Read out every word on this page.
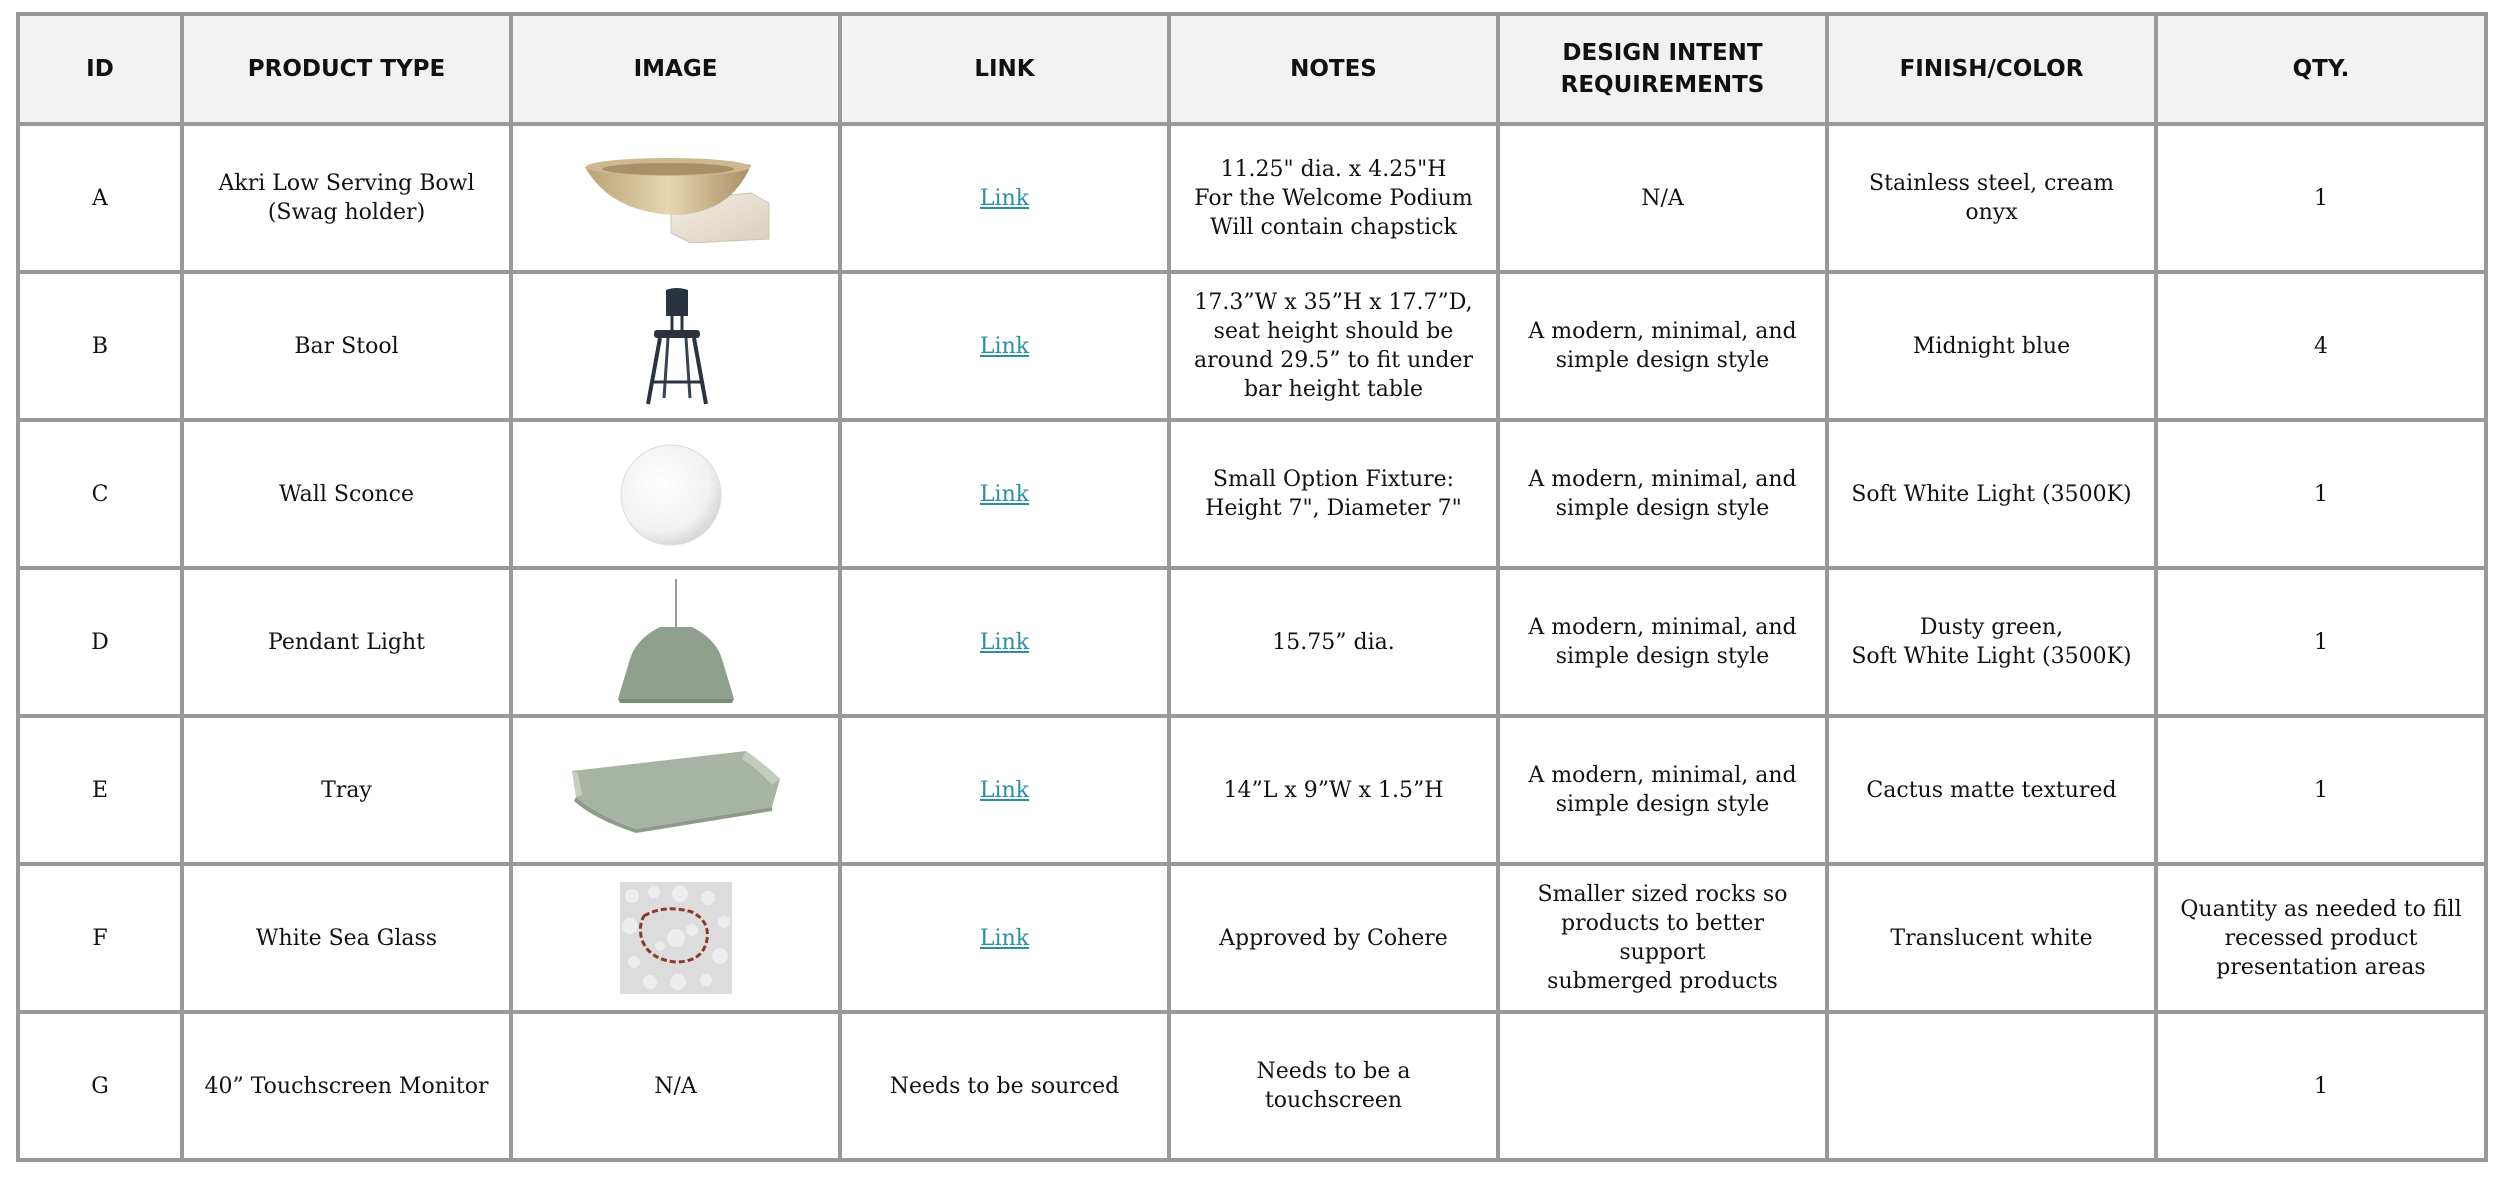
ID	PRODUCT TYPE	IMAGE	LINK	NOTES	DESIGN INTENT
REQUIREMENTS	FINISH/COLOR	QTY.
A	Akri Low Serving Bowl
(Swag holder)		Link	11.25" dia. x 4.25"H
For the Welcome Podium
Will contain chapstick	N/A	Stainless steel, cream onyx	1
B	Bar Stool		Link	17.3”W x 35”H x 17.7”D,
seat height should be
around 29.5” to fit under
bar height table	A modern, minimal, and
simple design style	Midnight blue	4
C	Wall Sconce		Link	Small Option Fixture:
Height 7", Diameter 7"	A modern, minimal, and
simple design style	Soft White Light (3500K)	1
D	Pendant Light		Link	15.75” dia.	A modern, minimal, and
simple design style	Dusty green,
Soft White Light (3500K)	1
E	Tray		Link	14”L x 9”W x 1.5”H	A modern, minimal, and
simple design style	Cactus matte textured	1
F	White Sea Glass		Link	Approved by Cohere	Smaller sized rocks so
products to better support
submerged products	Translucent white	Quantity as needed to fill
recessed product
presentation areas
G	40” Touchscreen Monitor	N/A	Needs to be sourced	Needs to be a touchscreen			1
